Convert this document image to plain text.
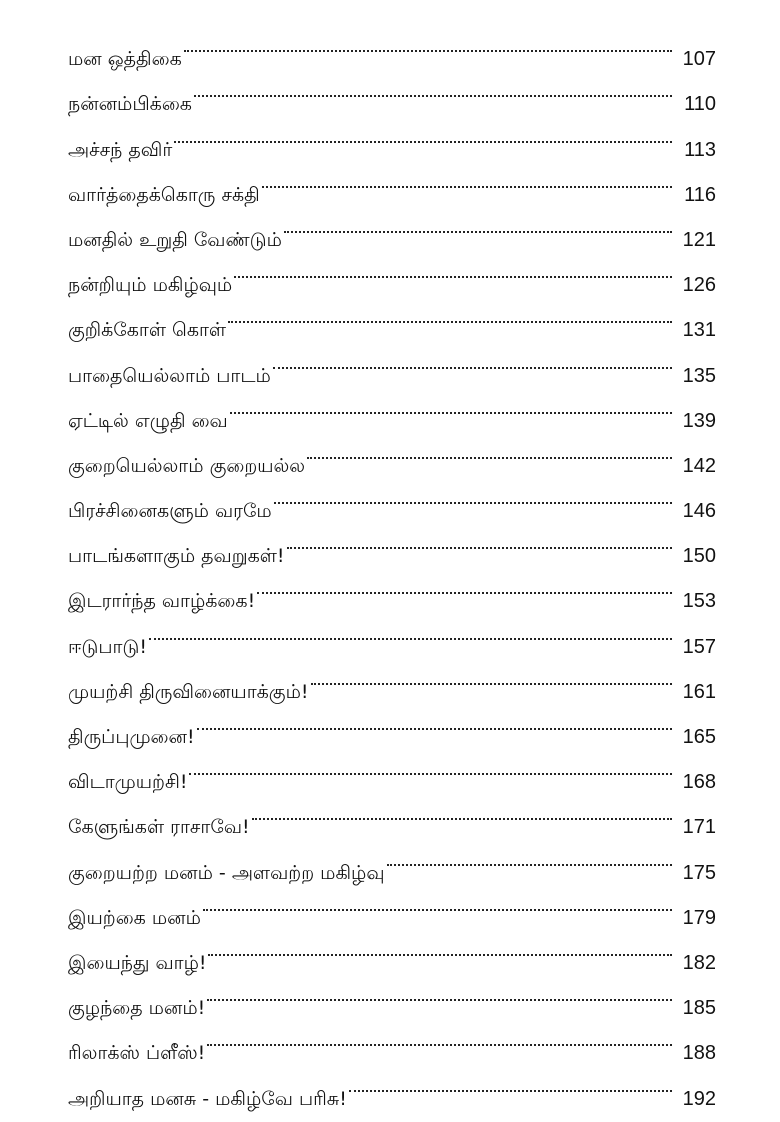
மன ஒத்திகை	107
நன்னம்பிக்கை	110
அச்சந் தவிர்	113
வார்த்தைக்கொரு சக்தி	116
மனதில் உறுதி வேண்டும்	121
நன்றியும் மகிழ்வும்	126
குறிக்கோள் கொள்	131
பாதையெல்லாம் பாடம்	135
ஏட்டில் எழுதி வை	139
குறையெல்லாம் குறையல்ல	142
பிரச்சினைகளும் வரமே	146
பாடங்களாகும் தவறுகள்!	150
இடரார்ந்த வாழ்க்கை!	153
ஈடுபாடு!	157
முயற்சி திருவினையாக்கும்!	161
திருப்புமுனை!	165
விடாமுயற்சி!	168
கேளுங்கள் ராசாவே!	171
குறையற்ற மனம் - அளவற்ற மகிழ்வு	175
இயற்கை மனம்	179
இயைந்து வாழ்!	182
குழந்தை மனம்!	185
ரிலாக்ஸ் ப்ளீஸ்!	188
அறியாத மனசு - மகிழ்வே பரிசு!	192
